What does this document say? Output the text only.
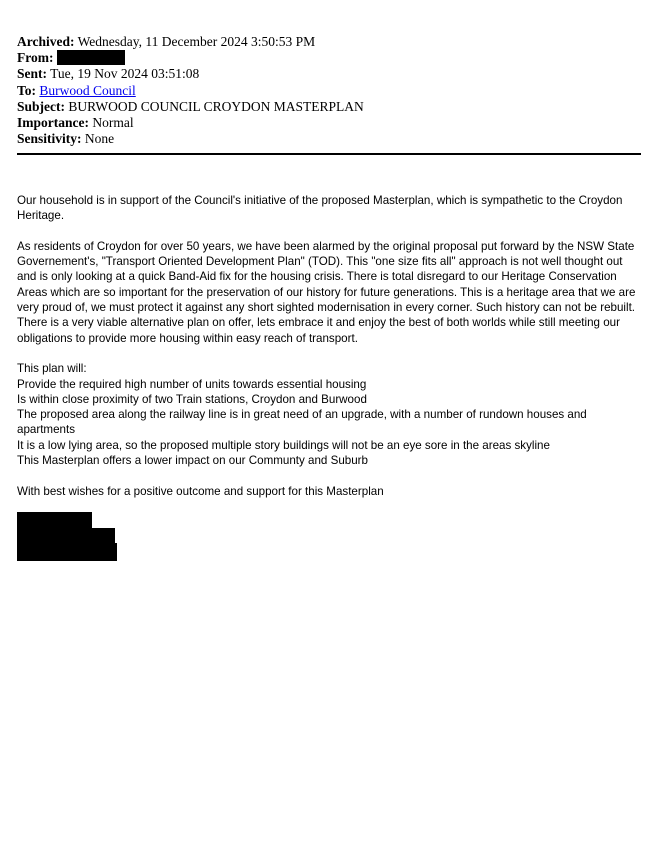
Archived: Wednesday, 11 December 2024 3:50:53 PM
From:
Sent: Tue, 19 Nov 2024 03:51:08
To: Burwood Council
Subject: BURWOOD COUNCIL CROYDON MASTERPLAN
Importance: Normal
Sensitivity: None

Our household is in support of the Council's initiative of the proposed Masterplan, which is sympathetic to the Croydon Heritage.

As residents of Croydon for over 50 years, we have been alarmed by the original proposal put forward by the NSW State Governement's, "Transport Oriented Development Plan" (TOD). This "one size fits all" approach is not well thought out and is only looking at a quick Band-Aid fix for the housing crisis. There is total disregard to our Heritage Conservation Areas which are so important for the preservation of our history for future generations. This is a heritage area that we are very proud of, we must protect it against any short sighted modernisation in every corner. Such history can not be rebuilt. There is a very viable alternative plan on offer, lets embrace it and enjoy the best of both worlds while still meeting our obligations to provide more housing within easy reach of transport.

This plan will:
Provide the required high number of units towards essential housing
Is within close proximity of two Train stations, Croydon and Burwood
The proposed area along the railway line is in great need of an upgrade, with a number of rundown houses and apartments
It is a low lying area, so the proposed multiple story buildings will not be an eye sore in the areas skyline
This Masterplan offers a lower impact on our Communty and Suburb

With best wishes for a positive outcome and support for this Masterplan
